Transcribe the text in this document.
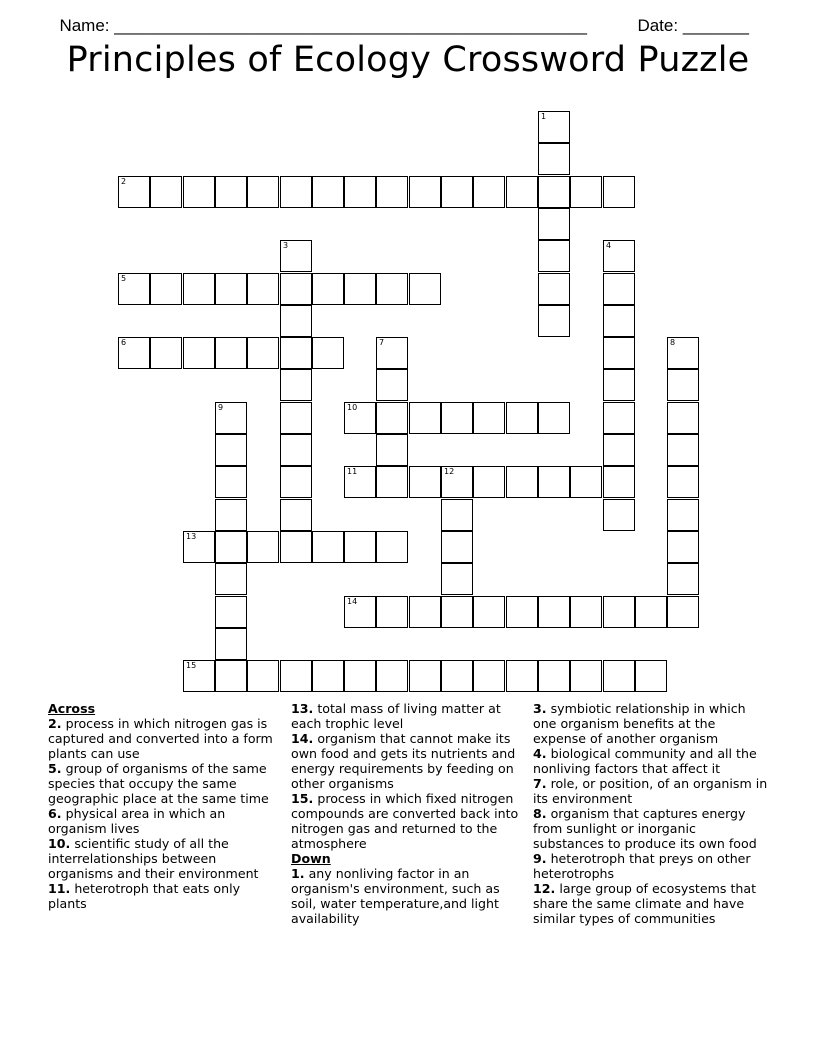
Name: __________________________________________________	Date: _______

Principles of Ecology Crossword Puzzle
1
2
3	4
5
6	7	8
9	10
11	12
13
14
15

Across

2. process in which nitrogen gas is captured and converted into a form plants can use

5. group of organisms of the same species that occupy the same geographic place at the same time

6. physical area in which an organism lives

10. scientific study of all the interrelationships between organisms and their environment

11. heterotroph that eats only plants

13. total mass of living matter at each trophic level

14. organism that cannot make its own food and gets its nutrients and energy requirements by feeding on other organisms

15. process in which fixed nitrogen compounds are converted back into nitrogen gas and returned to the atmosphere

Down

1. any nonliving factor in an organism's environment, such as soil, water temperature,and light availability

3. symbiotic relationship in which one organism benefits at the expense of another organism

4. biological community and all the nonliving factors that affect it

7. role, or position, of an organism in its environment

8. organism that captures energy from sunlight or inorganic substances to produce its own food

9. heterotroph that preys on other heterotrophs

12. large group of ecosystems that share the same climate and have similar types of communities
